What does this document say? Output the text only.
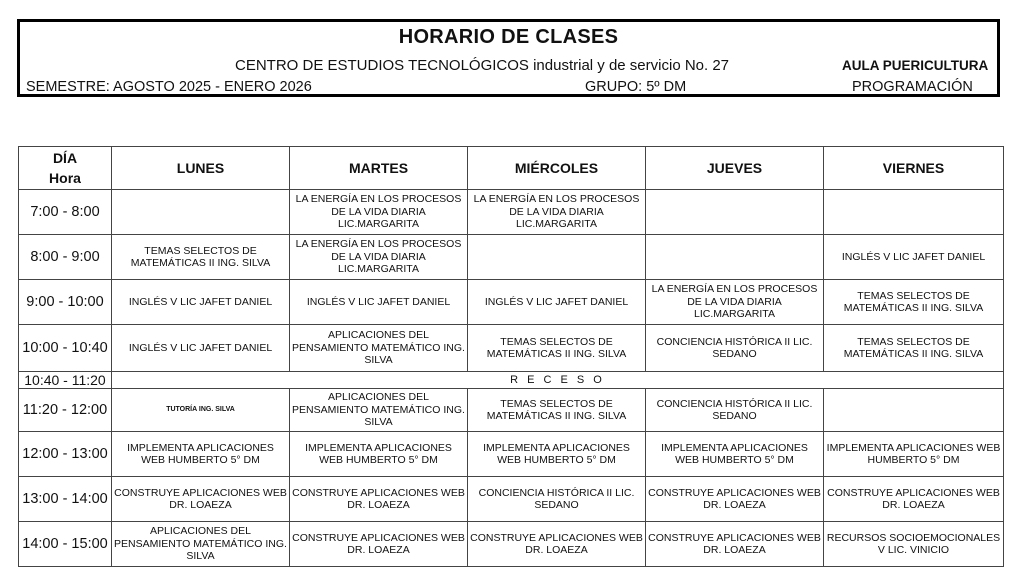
HORARIO DE CLASES
CENTRO DE ESTUDIOS TECNOLÓGICOS industrial y de servicio No. 27	AULA PUERICULTURA
SEMESTRE: AGOSTO 2025 - ENERO 2026	GRUPO: 5º DM	PROGRAMACIÓN
DÍA
Hora	LUNES	MARTES	MIÉRCOLES	JUEVES	VIERNES
7:00 - 8:00		LA ENERGÍA EN LOS PROCESOS DE LA VIDA DIARIA LIC.MARGARITA	LA ENERGÍA EN LOS PROCESOS DE LA VIDA DIARIA LIC.MARGARITA		
8:00 - 9:00	TEMAS SELECTOS DE MATEMÁTICAS II ING. SILVA	LA ENERGÍA EN LOS PROCESOS DE LA VIDA DIARIA LIC.MARGARITA			INGLÉS V LIC JAFET DANIEL
9:00 - 10:00	INGLÉS V LIC JAFET DANIEL	INGLÉS V LIC JAFET DANIEL	INGLÉS V LIC JAFET DANIEL	LA ENERGÍA EN LOS PROCESOS DE LA VIDA DIARIA LIC.MARGARITA	TEMAS SELECTOS DE MATEMÁTICAS II ING. SILVA
10:00 - 10:40	INGLÉS V LIC JAFET DANIEL	APLICACIONES DEL PENSAMIENTO MATEMÁTICO ING. SILVA	TEMAS SELECTOS DE MATEMÁTICAS II ING. SILVA	CONCIENCIA HISTÓRICA II LIC. SEDANO	TEMAS SELECTOS DE MATEMÁTICAS II ING. SILVA
10:40 - 11:20	R E C E S O				
11:20 - 12:00	TUTORÍA ING. SILVA	APLICACIONES DEL PENSAMIENTO MATEMÁTICO ING. SILVA	TEMAS SELECTOS DE MATEMÁTICAS II ING. SILVA	CONCIENCIA HISTÓRICA II LIC. SEDANO	
12:00 - 13:00	IMPLEMENTA APLICACIONES WEB HUMBERTO 5° DM	IMPLEMENTA APLICACIONES WEB HUMBERTO 5° DM	IMPLEMENTA APLICACIONES WEB HUMBERTO 5° DM	IMPLEMENTA APLICACIONES WEB HUMBERTO 5° DM	IMPLEMENTA APLICACIONES WEB HUMBERTO 5° DM
13:00 - 14:00	CONSTRUYE APLICACIONES WEB DR. LOAEZA	CONSTRUYE APLICACIONES WEB DR. LOAEZA	CONCIENCIA HISTÓRICA II LIC. SEDANO	CONSTRUYE APLICACIONES WEB DR. LOAEZA	CONSTRUYE APLICACIONES WEB DR. LOAEZA
14:00 - 15:00	APLICACIONES DEL PENSAMIENTO MATEMÁTICO ING. SILVA	CONSTRUYE APLICACIONES WEB DR. LOAEZA	CONSTRUYE APLICACIONES WEB DR. LOAEZA	CONSTRUYE APLICACIONES WEB DR. LOAEZA	RECURSOS SOCIOEMOCIONALES V LIC. VINICIO
